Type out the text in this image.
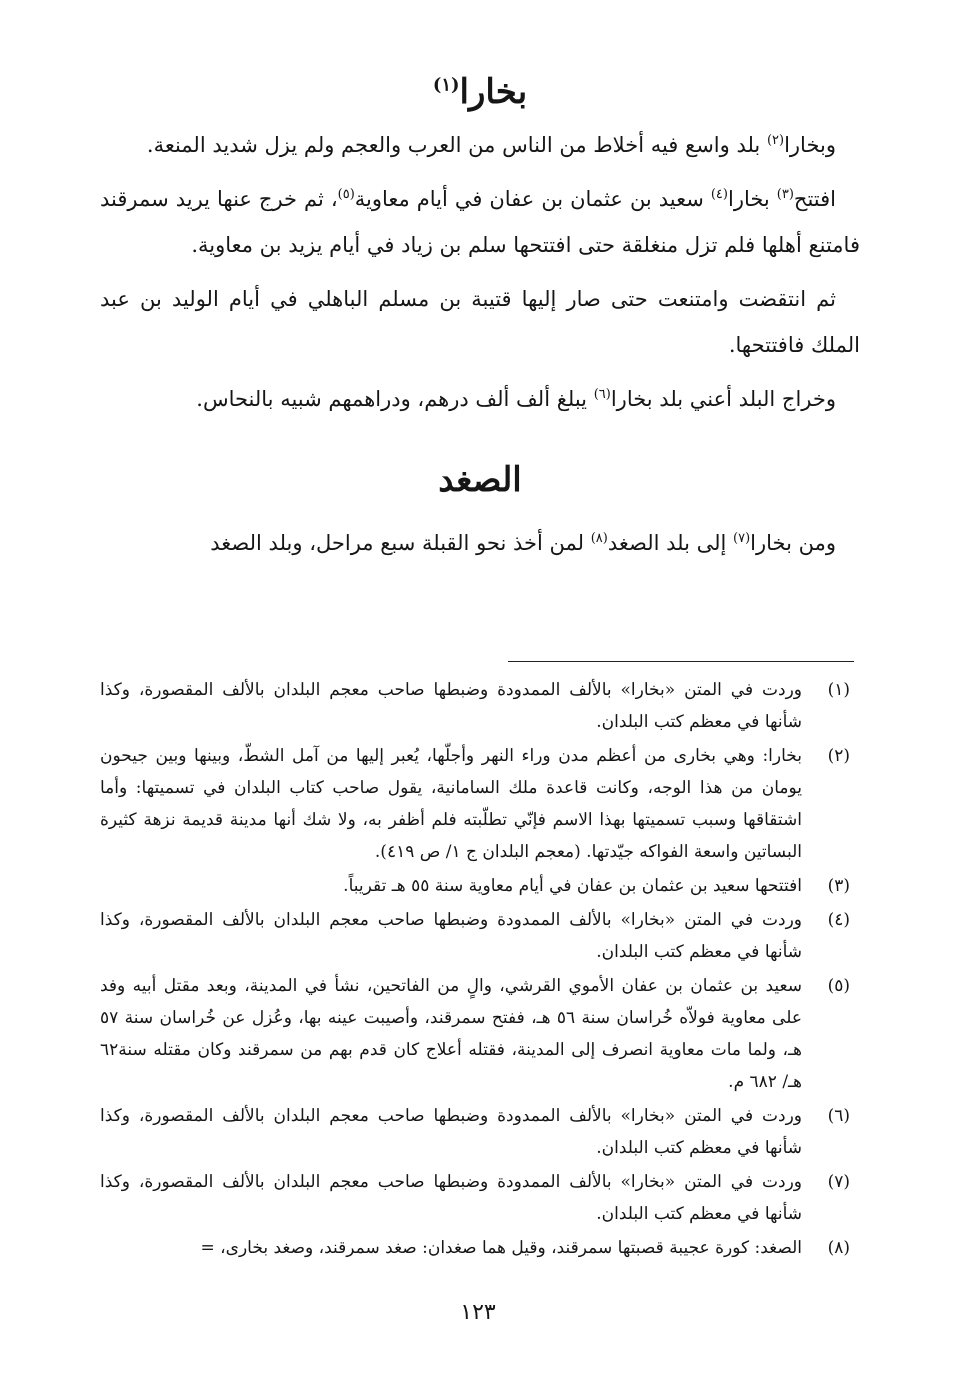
بخارا$^{(١)}$

وبخارا$^{(٢)}$ بلد واسع فيه أخلاط من الناس من العرب والعجم ولم يزل شديد المنعة.

افتتح$^{(٣)}$ بخارا$^{(٤)}$ سعيد بن عثمان بن عفان في أيام معاوية$^{(٥)}$، ثم خرج عنها يريد سمرقند فامتنع أهلها فلم تزل منغلقة حتى افتتحها سلم بن زياد في أيام يزيد بن معاوية.

ثم انتقضت وامتنعت حتى صار إليها قتيبة بن مسلم الباهلي في أيام الوليد بن عبد الملك فافتتحها.

وخراج البلد أعني بلد بخارا$^{(٦)}$ يبلغ ألف ألف درهم، ودراهمهم شبيه بالنحاس.

الصغد

ومن بخارا$^{(٧)}$ إلى بلد الصغد$^{(٨)}$ لمن أخذ نحو القبلة سبع مراحل، وبلد الصغد

(١)
وردت في المتن «بخارا» بالألف الممدودة وضبطها صاحب معجم البلدان بالألف المقصورة، وكذا شأنها في معظم كتب البلدان.
(٢)
بخارا: وهي بخارى من أعظم مدن وراء النهر وأجلّها، يُعبر إليها من آمل الشطّ، وبينها وبين جيحون يومان من هذا الوجه، وكانت قاعدة ملك السامانية، يقول صاحب كتاب البلدان في تسميتها: وأما اشتقاقها وسبب تسميتها بهذا الاسم فإنّي تطلّبته فلم أظفر به، ولا شك أنها مدينة قديمة نزهة كثيرة البساتين واسعة الفواكه جيّدتها. (معجم البلدان ج ١/ ص ٤١٩).
(٣)
افتتحها سعيد بن عثمان بن عفان في أيام معاوية سنة ٥٥ هـ تقريباً.
(٤)
وردت في المتن «بخارا» بالألف الممدودة وضبطها صاحب معجم البلدان بالألف المقصورة، وكذا شأنها في معظم كتب البلدان.
(٥)
سعيد بن عثمان بن عفان الأموي القرشي، والٍ من الفاتحين، نشأ في المدينة، وبعد مقتل أبيه وفد على معاوية فولاّه خُراسان سنة ٥٦ هـ، ففتح سمرقند، وأصيبت عينه بها، وعُزل عن خُراسان سنة ٥٧ هـ، ولما مات معاوية انصرف إلى المدينة، فقتله أعلاج كان قدم بهم من سمرقند وكان مقتله سنة٦٢ هـ/ ٦٨٢ م.
(٦)
وردت في المتن «بخارا» بالألف الممدودة وضبطها صاحب معجم البلدان بالألف المقصورة، وكذا شأنها في معظم كتب البلدان.
(٧)
وردت في المتن «بخارا» بالألف الممدودة وضبطها صاحب معجم البلدان بالألف المقصورة، وكذا شأنها في معظم كتب البلدان.
(٨)
الصغد: كورة عجيبة قصبتها سمرقند، وقيل هما صغدان: صغد سمرقند، وصغد بخارى، =
١٢٣
